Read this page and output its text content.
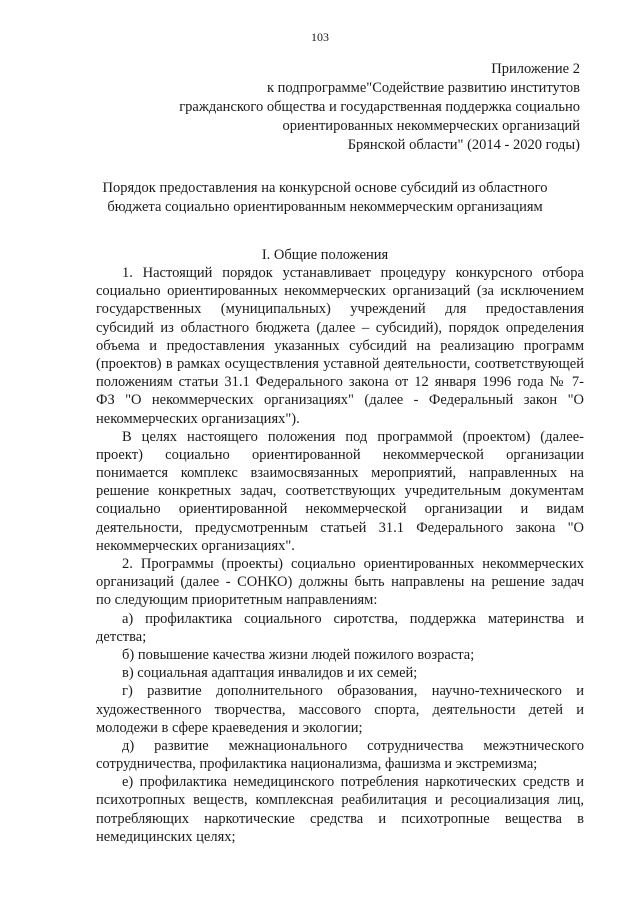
103
Приложение 2
к подпрограмме"Содействие развитию институтов
гражданского общества и государственная поддержка социально
ориентированных некоммерческих организаций
Брянской области" (2014 - 2020 годы)
Порядок предоставления на конкурсной основе субсидий из областного
бюджета социально ориентированным некоммерческим организациям
I. Общие положения
1. Настоящий порядок устанавливает процедуру конкурсного отбора
социально ориентированных некоммерческих организаций (за исключением
государственных (муниципальных) учреждений для предоставления
субсидий из областного бюджета (далее – субсидий), порядок определения
объема и предоставления указанных субсидий на реализацию программ
(проектов) в рамках осуществления уставной деятельности, соответствующей
положениям статьи 31.1 Федерального закона от 12 января 1996 года № 7-
ФЗ "О некоммерческих организациях" (далее - Федеральный закон "О
некоммерческих организациях").
В целях настоящего положения под программой (проектом) (далее-
проект) социально ориентированной некоммерческой организации
понимается комплекс взаимосвязанных мероприятий, направленных на
решение конкретных задач, соответствующих учредительным документам
социально ориентированной некоммерческой организации и видам
деятельности, предусмотренным статьей 31.1 Федерального закона "О
некоммерческих организациях".
2. Программы (проекты) социально ориентированных некоммерческих
организаций (далее - СОНКО) должны быть направлены на решение задач
по следующим приоритетным направлениям:
а) профилактика социального сиротства, поддержка материнства и
детства;
б) повышение качества жизни людей пожилого возраста;
в) социальная адаптация инвалидов и их семей;
г) развитие дополнительного образования, научно-технического и
художественного творчества, массового спорта, деятельности детей и
молодежи в сфере краеведения и экологии;
д) развитие межнационального сотрудничества межэтнического
сотрудничества, профилактика национализма, фашизма и экстремизма;
е) профилактика немедицинского потребления наркотических средств и
психотропных веществ, комплексная реабилитация и ресоциализация лиц,
потребляющих наркотические средства и психотропные вещества в
немедицинских целях;
